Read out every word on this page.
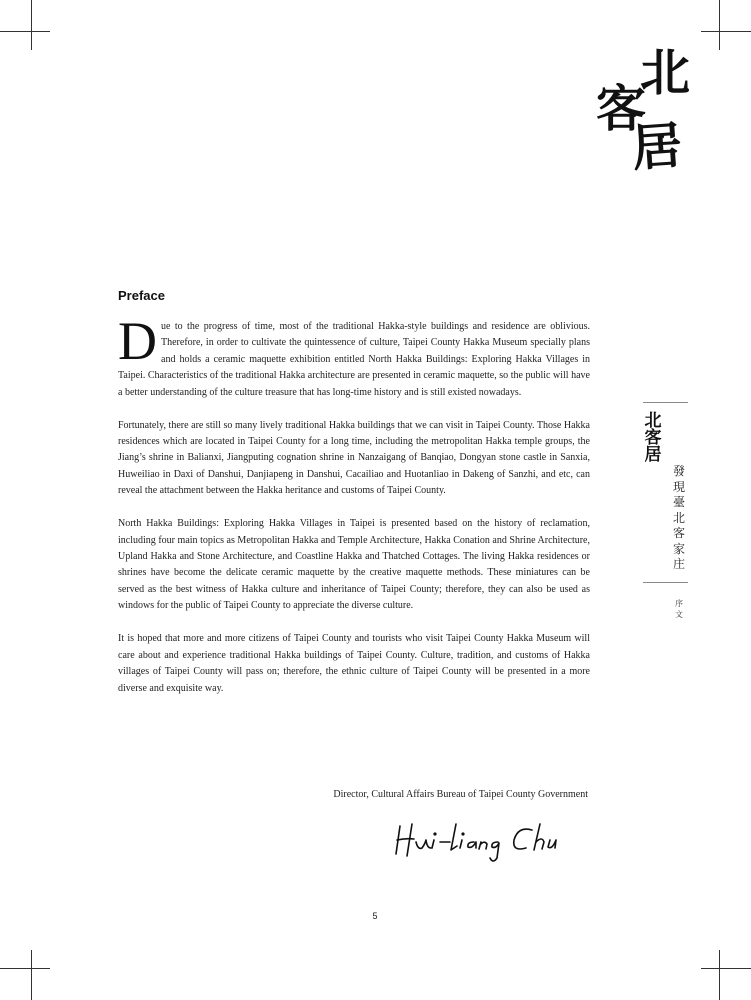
北
客
居
Preface

Due to the progress of time, most of the traditional Hakka-style buildings and residence are oblivious. Therefore, in order to cultivate the quintessence of culture, Taipei County Hakka Museum specially plans and holds a ceramic maquette exhibition entitled North Hakka Buildings: Exploring Hakka Villages in Taipei. Characteristics of the traditional Hakka architecture are presented in ceramic maquette, so the public will have a better understanding of the culture treasure that has long-time history and is still existed nowadays.

Fortunately, there are still so many lively traditional Hakka buildings that we can visit in Taipei County. Those Hakka residences which are located in Taipei County for a long time, including the metropolitan Hakka temple groups, the Jiang’s shrine in Balianxi, Jiangputing cognation shrine in Nanzaigang of Banqiao, Dongyan stone castle in Sanxia, Huweiliao in Daxi of Danshui, Danjiapeng in Danshui, Cacailiao and Huotanliao in Dakeng of Sanzhi, and etc, can reveal the attachment between the Hakka heritance and customs of Taipei County.

North Hakka Buildings: Exploring Hakka Villages in Taipei is presented based on the history of reclamation, including four main topics as Metropolitan Hakka and Temple Architecture, Hakka Conation and Shrine Architecture, Upland Hakka and Stone Architecture, and Coastline Hakka and Thatched Cottages. The living Hakka residences or shrines have become the delicate ceramic maquette by the creative maquette methods. These miniatures can be served as the best witness of Hakka culture and inheritance of Taipei County; therefore, they can also be used as windows for the public of Taipei County to appreciate the diverse culture.

It is hoped that more and more citizens of Taipei County and tourists who visit Taipei County Hakka Museum will care about and experience traditional Hakka buildings of Taipei County. Culture, tradition, and customs of Hakka villages of Taipei County will pass on; therefore, the ethnic culture of Taipei County will be presented in a more diverse and exquisite way.

北客居
發現臺北客家庄
序文
Director, Cultural Affairs Bureau of Taipei County Government
5
